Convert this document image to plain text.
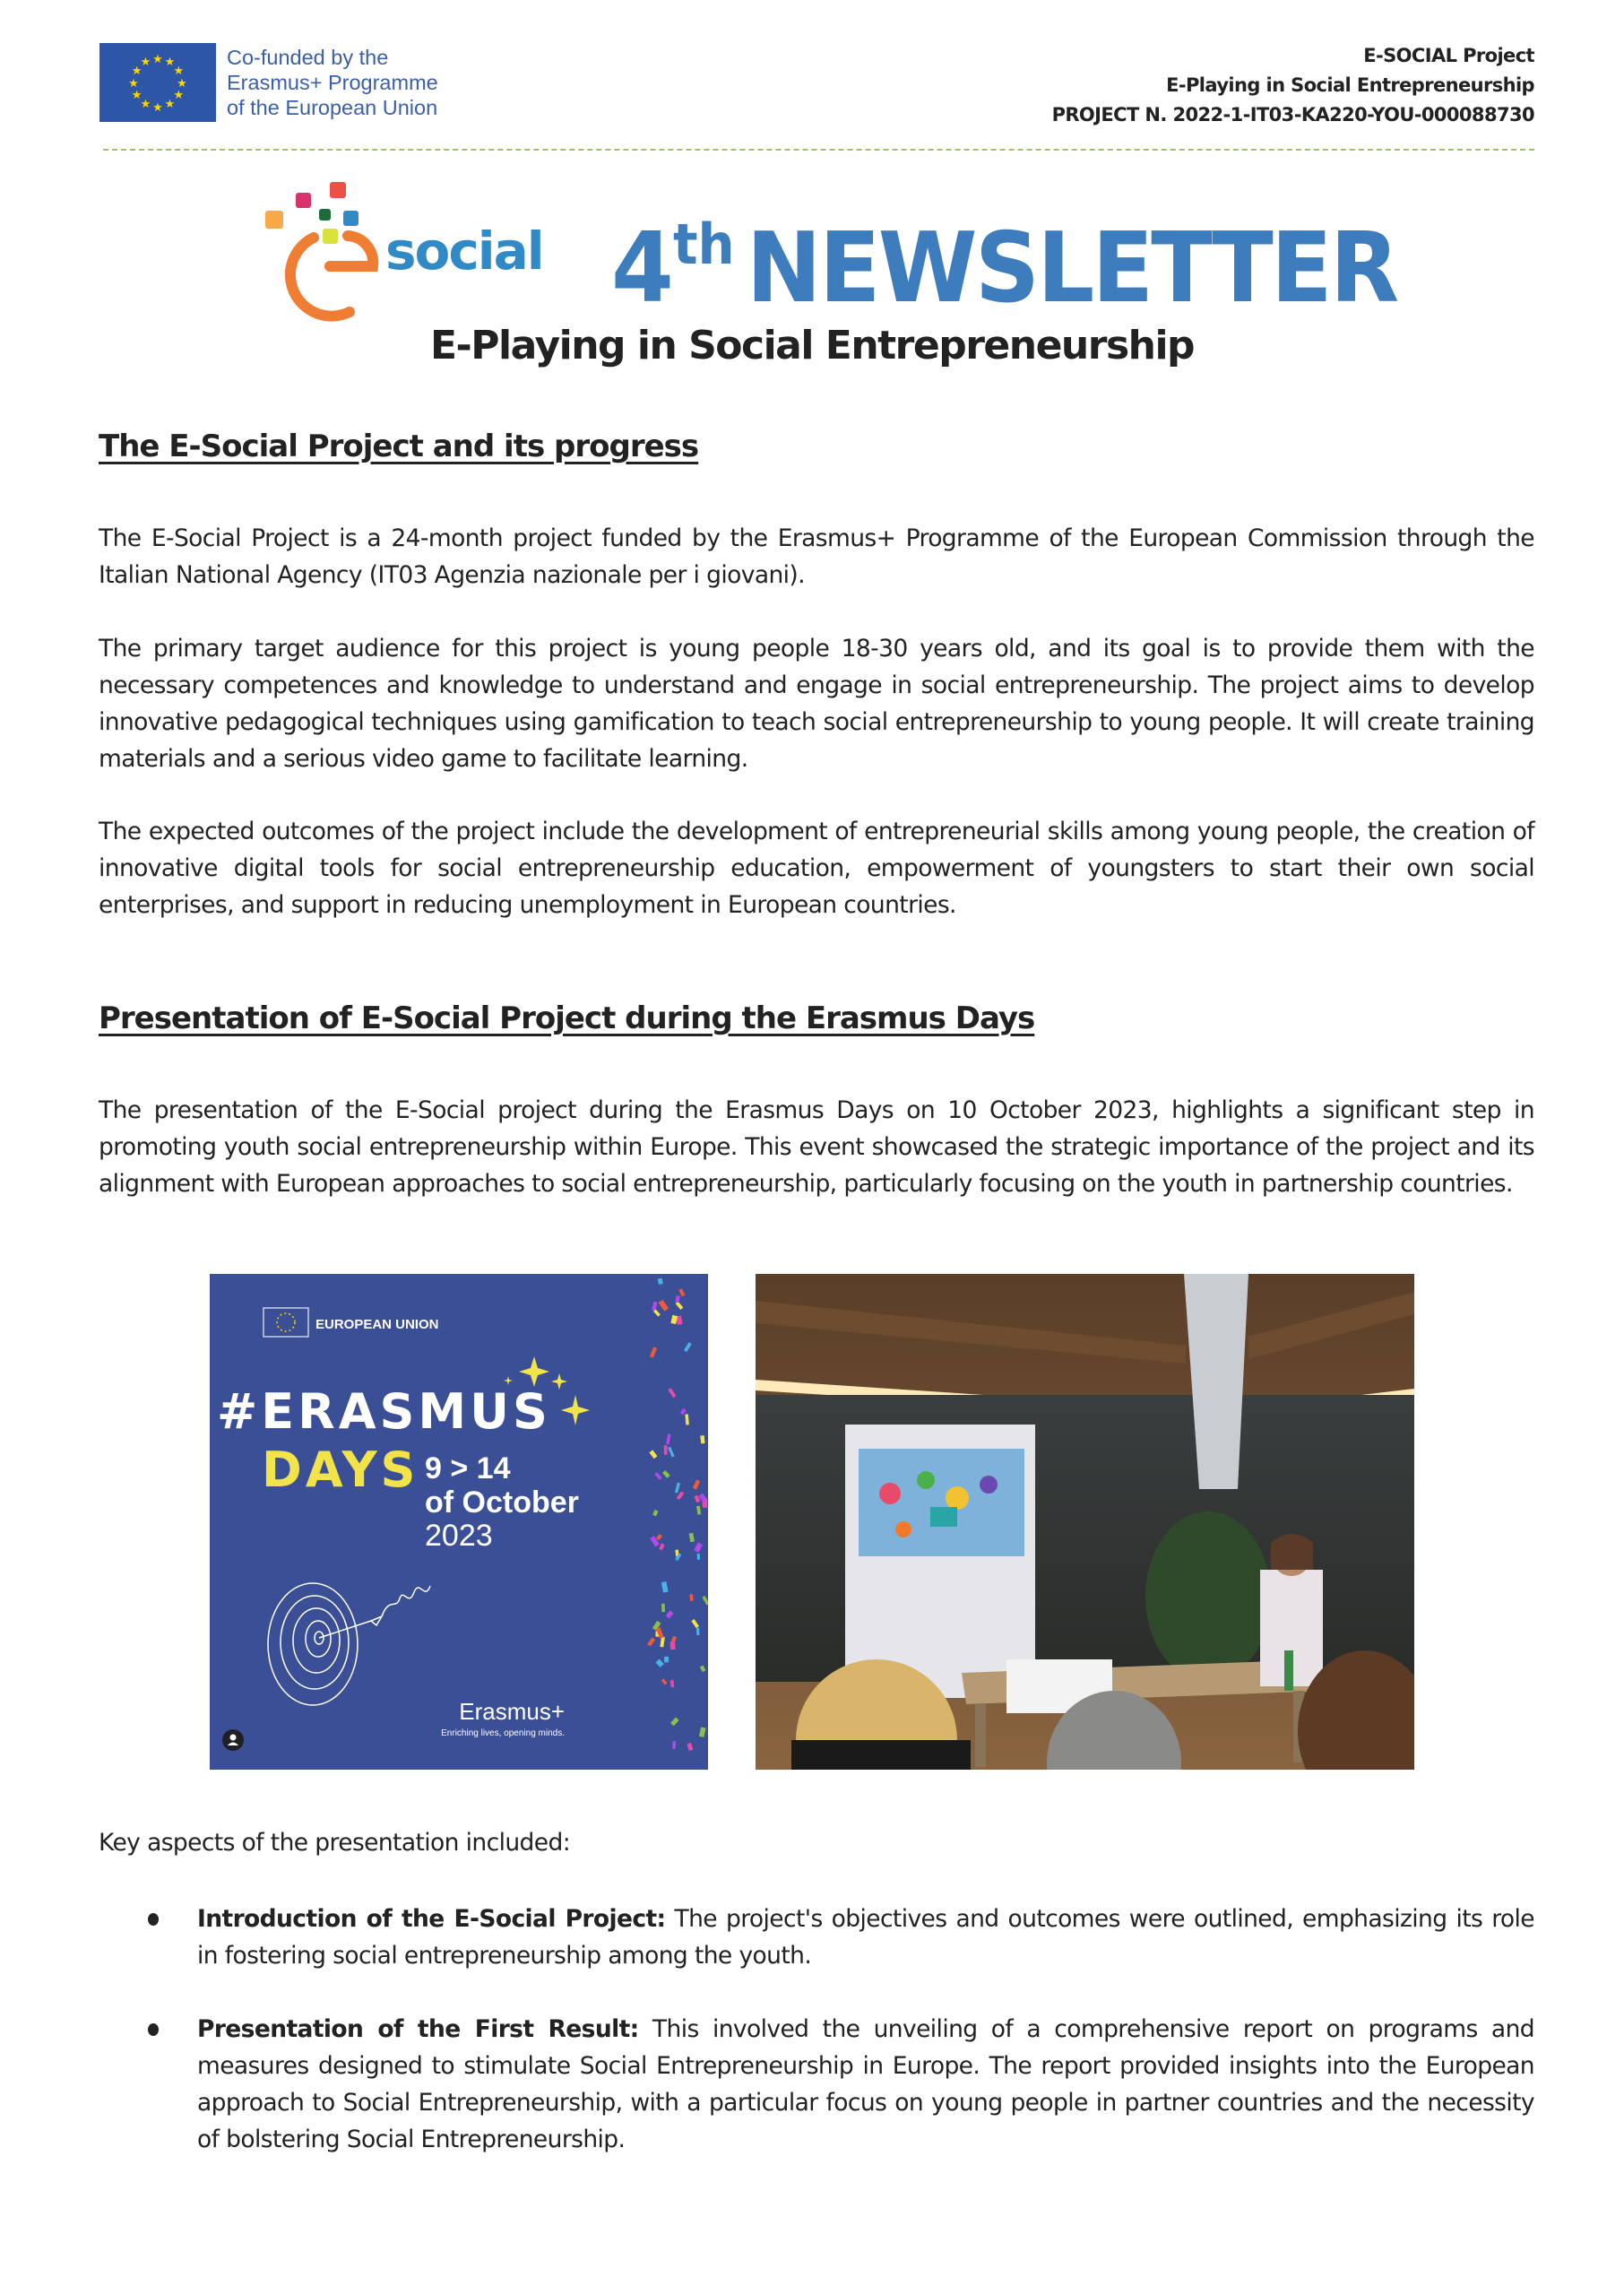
★ ★
★
★
★
★
★
★
★
★
★
★	Co-funded by the
Erasmus+ Programme
of the European Union
E-SOCIAL Project
E-Playing in Social Entrepreneurship
PROJECT N. 2022-1-IT03-KA220-YOU-000088730
social 4th NEWSLETTER
E-Playing in Social Entrepreneurship
The E-Social Project and its progress

The E-Social Project is a 24-month project funded by the Erasmus+ Programme of the European Commission through the Italian National Agency (IT03 Agenzia nazionale per i giovani).

The primary target audience for this project is young people 18-30 years old, and its goal is to provide them with the necessary competences and knowledge to understand and engage in social entrepreneurship. The project aims to develop innovative pedagogical techniques using gamification to teach social entrepreneurship to young people. It will create training materials and a serious video game to facilitate learning.

The expected outcomes of the project include the development of entrepreneurial skills among young people, the creation of innovative digital tools for social entrepreneurship education, empowerment of youngsters to start their own social enterprises, and support in reducing unemployment in European countries.

Presentation of E-Social Project during the Erasmus Days

The presentation of the E-Social project during the Erasmus Days on 10 October 2023, highlights a significant step in promoting youth social entrepreneurship within Europe. This event showcased the strategic importance of the project and its alignment with European approaches to social entrepreneurship, particularly focusing on the youth in partnership countries.

EUROPEAN UNION
#ERASMUS
DAYS 9 > 14
of October
2023
Erasmus+
Enriching lives, opening minds.
Key aspects of the presentation included:
Introduction of the E-Social Project: The project's objectives and outcomes were outlined, emphasizing its role in fostering social entrepreneurship among the youth.
Presentation of the First Result: This involved the unveiling of a comprehensive report on programs and measures designed to stimulate Social Entrepreneurship in Europe. The report provided insights into the European approach to Social Entrepreneurship, with a particular focus on young people in partner countries and the necessity of bolstering Social Entrepreneurship.
